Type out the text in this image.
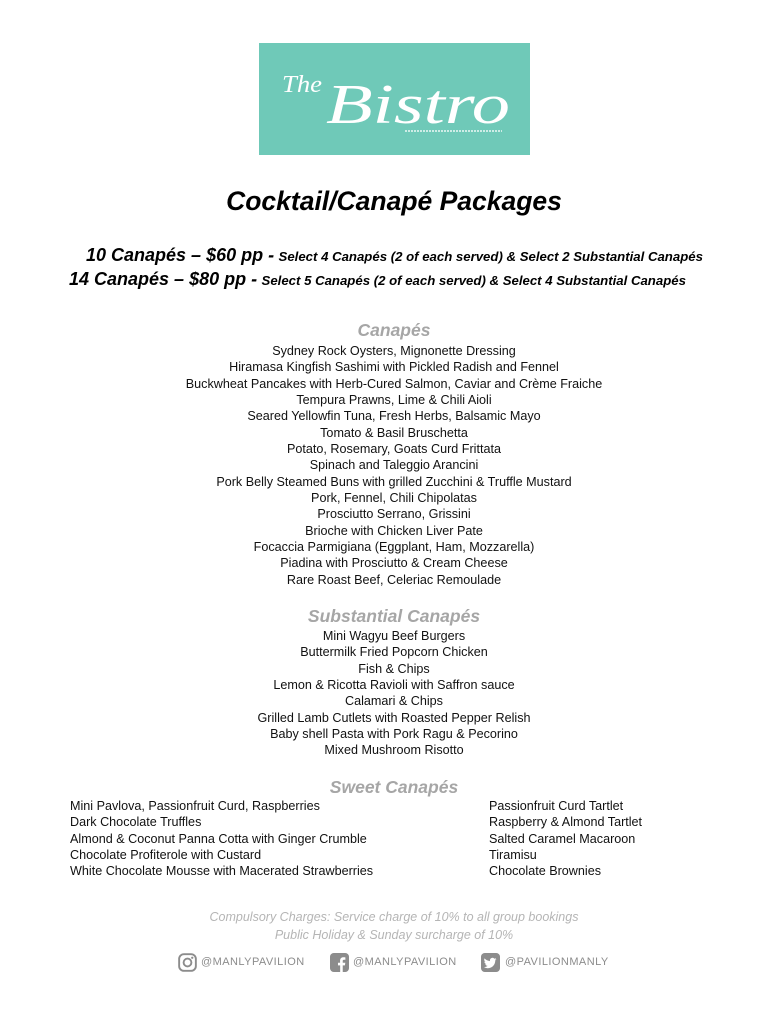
The Bistro
Cocktail/Canapé Packages
10 Canapés – $60 pp - Select 4 Canapés (2 of each served) & Select 2 Substantial Canapés
14 Canapés – $80 pp - Select 5 Canapés (2 of each served) & Select 4 Substantial Canapés
Canapés
Sydney Rock Oysters, Mignonette Dressing
Hiramasa Kingfish Sashimi with Pickled Radish and Fennel
Buckwheat Pancakes with Herb-Cured Salmon, Caviar and Crème Fraiche
Tempura Prawns, Lime & Chili Aioli
Seared Yellowfin Tuna, Fresh Herbs, Balsamic Mayo
Tomato & Basil Bruschetta
Potato, Rosemary, Goats Curd Frittata
Spinach and Taleggio Arancini
Pork Belly Steamed Buns with grilled Zucchini & Truffle Mustard
Pork, Fennel, Chili Chipolatas
Prosciutto Serrano, Grissini
Brioche with Chicken Liver Pate
Focaccia Parmigiana (Eggplant, Ham, Mozzarella)
Piadina with Prosciutto & Cream Cheese
Rare Roast Beef, Celeriac Remoulade
Substantial Canapés
Mini Wagyu Beef Burgers
Buttermilk Fried Popcorn Chicken
Fish & Chips
Lemon & Ricotta Ravioli with Saffron sauce
Calamari & Chips
Grilled Lamb Cutlets with Roasted Pepper Relish
Baby shell Pasta with Pork Ragu & Pecorino
Mixed Mushroom Risotto
Sweet Canapés
Mini Pavlova, Passionfruit Curd, Raspberries
Dark Chocolate Truffles
Almond & Coconut Panna Cotta with Ginger Crumble
Chocolate Profiterole with Custard
White Chocolate Mousse with Macerated Strawberries
Passionfruit Curd Tartlet
Raspberry & Almond Tartlet
Salted Caramel Macaroon
Tiramisu
Chocolate Brownies
Compulsory Charges: Service charge of 10% to all group bookings
Public Holiday & Sunday surcharge of 10%
@MANLYPAVILION	@MANLYPAVILION	@PAVILIONMANLY
